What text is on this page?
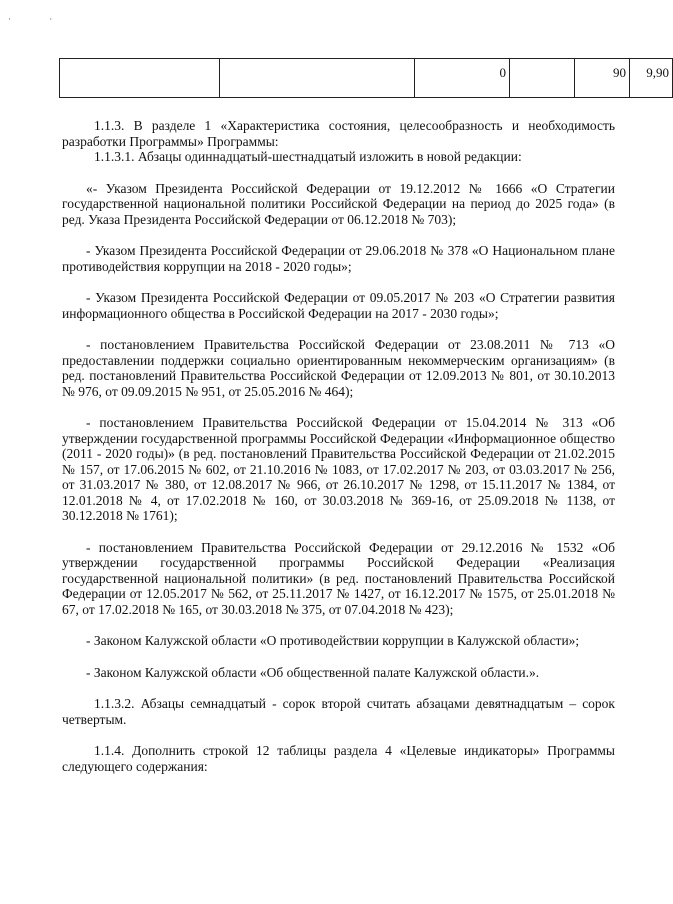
· ·
		0		90	9,90

1.1.3. В разделе 1 «Характеристика состояния, целесообразность и необходимость разработки Программы» Программы:

1.1.3.1. Абзацы одиннадцатый-шестнадцатый изложить в новой редакции:

«- Указом Президента Российской Федерации от 19.12.2012 № 1666 «О Стратегии государственной национальной политики Российской Федерации на период до 2025 года» (в ред. Указа Президента Российской Федерации от 06.12.2018 № 703);

- Указом Президента Российской Федерации от 29.06.2018 № 378 «О Национальном плане противодействия коррупции на 2018 - 2020 годы»;

- Указом Президента Российской Федерации от 09.05.2017 № 203 «О Стратегии развития информационного общества в Российской Федерации на 2017 - 2030 годы»;

- постановлением Правительства Российской Федерации от 23.08.2011 № 713 «О предоставлении поддержки социально ориентированным некоммерческим организациям» (в ред. постановлений Правительства Российской Федерации от 12.09.2013 № 801, от 30.10.2013 № 976, от 09.09.2015 № 951, от 25.05.2016 № 464);

- постановлением Правительства Российской Федерации от 15.04.2014 № 313 «Об утверждении государственной программы Российской Федерации «Информационное общество (2011 - 2020 годы)» (в ред. постановлений Правительства Российской Федерации от 21.02.2015 № 157, от 17.06.2015 № 602, от 21.10.2016 № 1083, от 17.02.2017 № 203, от 03.03.2017 № 256, от 31.03.2017 № 380, от 12.08.2017 № 966, от 26.10.2017 № 1298, от 15.11.2017 № 1384, от 12.01.2018 № 4, от 17.02.2018 № 160, от 30.03.2018 № 369-16, от 25.09.2018 № 1138, от 30.12.2018 № 1761);

- постановлением Правительства Российской Федерации от 29.12.2016 № 1532 «Об утверждении государственной программы Российской Федерации «Реализация государственной национальной политики» (в ред. постановлений Правительства Российской Федерации от 12.05.2017 № 562, от 25.11.2017 № 1427, от 16.12.2017 № 1575, от 25.01.2018 № 67, от 17.02.2018 № 165, от 30.03.2018 № 375, от 07.04.2018 № 423);

- Законом Калужской области «О противодействии коррупции в Калужской области»;

- Законом Калужской области «Об общественной палате Калужской области.».

1.1.3.2. Абзацы семнадцатый - сорок второй считать абзацами девятнадцатым – сорок четвертым.

1.1.4. Дополнить строкой 12 таблицы раздела 4 «Целевые индикаторы» Программы следующего содержания:
